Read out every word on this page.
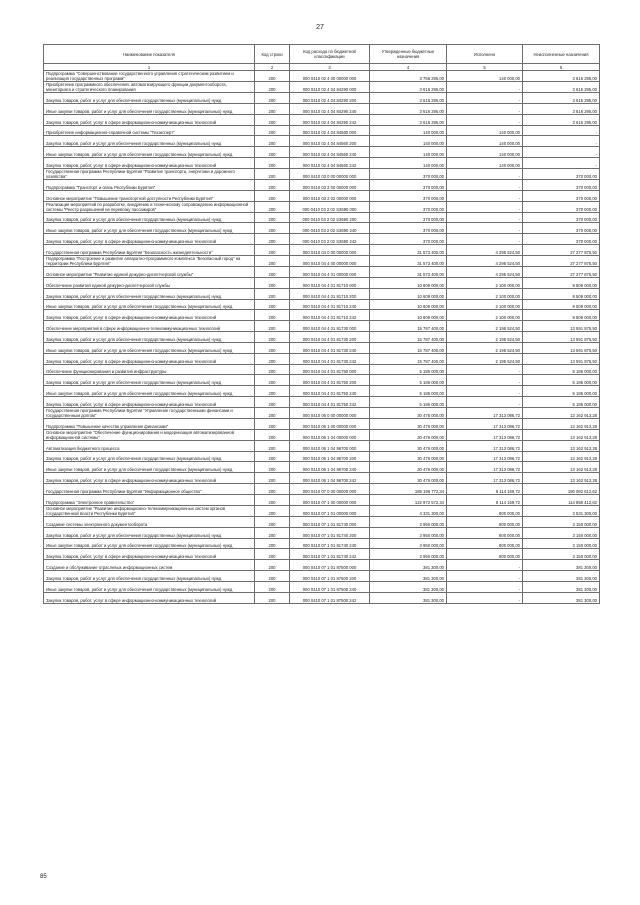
27
Наименование показателя	Код строки	Код расхода по бюджетной классификации	Утвержденные бюджетные назначения	Исполнено	Неисполненные назначения
1	2	3	4	5	6
Подпрограмма "Совершенствование государственного управления стратегическим развитием и реализация государственных программ"	200	000 0410 02 4 00 00000 000	3 756 295,00	140 000,00	3 616 295,00
Приобретение программного обеспечения, автоматизирующего функции документооборота, мониторинга и стратегического планирования	200	000 0410 02 4 04 84290 000	3 616 295,00	-	3 616 295,00
Закупка товаров, работ и услуг для обеспечения государственных (муниципальных) нужд	200	000 0410 02 4 04 84290 200	3 616 295,00	-	3 616 295,00
Иные закупки товаров, работ и услуг для обеспечения государственных (муниципальных) нужд	200	000 0410 02 4 04 84290 240	3 616 295,00	-	3 616 295,00
Закупка товаров, работ, услуг в сфере информационно-коммуникационных технологий	200	000 0410 02 4 04 84290 242	3 616 295,00	-	3 616 295,00
Приобретение информационно-справочной системы "Техэксперт"	200	000 0410 02 4 04 84560 000	140 000,00	140 000,00	-
Закупка товаров, работ и услуг для обеспечения государственных (муниципальных) нужд	200	000 0410 02 4 04 84560 200	140 000,00	140 000,00	-
Иные закупки товаров, работ и услуг для обеспечения государственных (муниципальных) нужд	200	000 0410 02 4 04 84560 240	140 000,00	140 000,00	-
Закупка товаров, работ, услуг в сфере информационно-коммуникационных технологий	200	000 0410 02 4 04 84560 242	140 000,00	140 000,00	-
Государственная программа Республики Бурятия "Развитие транспорта, энергетики и дорожного хозяйства"	200	000 0410 03 0 00 00000 000	370 000,00	-	370 000,00
Подпрограмма "Транспорт и связь Республики Бурятия"	200	000 0410 03 2 00 00000 000	370 000,00	-	370 000,00
Основное мероприятие "Повышение транспортной доступности Республики Бурятия"	200	000 0410 03 2 02 00000 000	370 000,00	-	370 000,00
Реализация мероприятий по разработке, внедрению и техническому сопровождению информационной системы "Реестр разрешений на перевозку пассажиров"	200	000 0410 03 2 02 S3690 000	370 000,00	-	370 000,00
Закупка товаров, работ и услуг для обеспечения государственных (муниципальных) нужд	200	000 0410 03 2 02 S3690 200	370 000,00	-	370 000,00
Иные закупки товаров, работ и услуг для обеспечения государственных (муниципальных) нужд	200	000 0410 03 2 02 S3690 240	370 000,00	-	370 000,00
Закупка товаров, работ, услуг в сфере информационно-коммуникационных технологий	200	000 0410 03 2 02 S3690 242	370 000,00	-	370 000,00
Государственная программа Республики Бурятия "Безопасность жизнедеятельности"	200	000 0410 04 0 00 00000 000	31 573 400,00	4 295 524,50	27 277 875,50
Подпрограмма "Построение и развитие аппаратно-программного комплекса "Безопасный город" на территории Республики Бурятия"	200	000 0410 04 4 00 00000 000	31 573 400,00	4 295 524,50	27 277 875,50
Основное мероприятие "Развитие единой дежурно-диспетчерской службы"	200	000 0410 04 4 01 00000 000	31 573 400,00	4 295 524,50	27 277 875,50
Обеспечение развития единой дежурно-диспетчерской службы	200	000 0410 04 4 01 81710 000	10 609 000,00	2 100 000,00	8 509 000,00
Закупка товаров, работ и услуг для обеспечения государственных (муниципальных) нужд	200	000 0410 04 4 01 81710 200	10 609 000,00	2 100 000,00	8 509 000,00
Иные закупки товаров, работ и услуг для обеспечения государственных (муниципальных) нужд	200	000 0410 04 4 01 81710 240	10 609 000,00	2 100 000,00	8 509 000,00
Закупка товаров, работ, услуг в сфере информационно-коммуникационных технологий	200	000 0410 04 4 01 81710 242	10 609 000,00	2 100 000,00	8 509 000,00
Обеспечение мероприятий в сфере информационно-телекоммуникационных технологий	200	000 0410 04 4 01 81730 000	15 787 400,00	2 195 524,50	13 591 875,50
Закупка товаров, работ и услуг для обеспечения государственных (муниципальных) нужд	200	000 0410 04 4 01 81730 200	15 787 400,00	2 195 524,50	13 591 875,50
Иные закупки товаров, работ и услуг для обеспечения государственных (муниципальных) нужд	200	000 0410 04 4 01 81730 240	15 787 400,00	2 195 524,50	13 591 875,50
Закупка товаров, работ, услуг в сфере информационно-коммуникационных технологий	200	000 0410 04 4 01 81730 242	15 787 400,00	2 195 524,50	13 591 875,50
Обеспечение функционирования и развития инфраструктуры	200	000 0410 04 4 01 81750 000	5 186 000,00	-	5 186 000,00
Закупка товаров, работ и услуг для обеспечения государственных (муниципальных) нужд	200	000 0410 04 4 01 81750 200	5 186 000,00	-	5 186 000,00
Иные закупки товаров, работ и услуг для обеспечения государственных (муниципальных) нужд	200	000 0410 04 4 01 81750 240	5 186 000,00	-	5 186 000,00
Закупка товаров, работ, услуг в сфере информационно-коммуникационных технологий	200	000 0410 04 4 01 81750 242	5 186 000,00	-	5 186 000,00
Государственная программа Республики Бурятия "Управление государственными финансами и государственным долгом"	200	000 0410 06 0 00 00000 000	30 476 000,00	17 313 086,72	13 162 913,28
Подпрограмма "Повышение качества управления финансами"	200	000 0410 06 1 00 00000 000	30 476 000,00	17 313 086,72	13 162 913,28
Основное мероприятие "Обеспечение функционирования и модернизация автоматизированной информационной системы"	200	000 0410 06 1 04 00000 000	30 476 000,00	17 313 086,72	13 162 913,28
Автоматизация бюджетного процесса	200	000 0410 06 1 04 86700 000	30 476 000,00	17 313 086,72	13 162 913,28
Закупка товаров, работ и услуг для обеспечения государственных (муниципальных) нужд	200	000 0410 06 1 04 86700 200	30 476 000,00	17 313 086,72	13 162 913,28
Иные закупки товаров, работ и услуг для обеспечения государственных (муниципальных) нужд	200	000 0410 06 1 04 86700 240	30 476 000,00	17 313 086,72	13 162 913,28
Закупка товаров, работ, услуг в сфере информационно-коммуникационных технологий	200	000 0410 06 1 04 86700 242	30 476 000,00	17 313 086,72	13 162 913,28
Государственная программа Республики Бурятия "Информационное общество"	200	000 0410 07 0 00 00000 000	189 196 772,34	9 114 159,72	180 082 612,62
Подпрограмма "Электронное правительство"	200	000 0410 07 1 00 00000 000	122 972 572,34	8 114 159,72	114 858 412,62
Основное мероприятие "Развитие информационно-телекоммуникационных систем органов государственной власти Республики Бурятия"	200	000 0410 07 1 01 00000 000	4 331 300,00	800 000,00	3 531 300,00
Создание системы электронного документооборота	200	000 0410 07 1 01 81740 000	3 950 000,00	800 000,00	3 150 000,00
Закупка товаров, работ и услуг для обеспечения государственных (муниципальных) нужд	200	000 0410 07 1 01 81740 200	3 950 000,00	800 000,00	3 150 000,00
Иные закупки товаров, работ и услуг для обеспечения государственных (муниципальных) нужд	200	000 0410 07 1 01 81740 240	3 950 000,00	800 000,00	3 150 000,00
Закупка товаров, работ, услуг в сфере информационно-коммуникационных технологий	200	000 0410 07 1 01 81740 242	3 950 000,00	800 000,00	3 150 000,00
Создание и обслуживание отраслевых информационных систем	200	000 0410 07 1 01 87500 000	381 300,00	-	381 300,00
Закупка товаров, работ и услуг для обеспечения государственных (муниципальных) нужд	200	000 0410 07 1 01 87500 200	381 300,00	-	381 300,00
Иные закупки товаров, работ и услуг для обеспечения государственных (муниципальных) нужд	200	000 0410 07 1 01 87500 240	381 300,00	-	381 300,00
Закупка товаров, работ, услуг в сфере информационно-коммуникационных технологий	200	000 0410 07 1 01 87500 242	381 300,00	-	381 300,00
85
